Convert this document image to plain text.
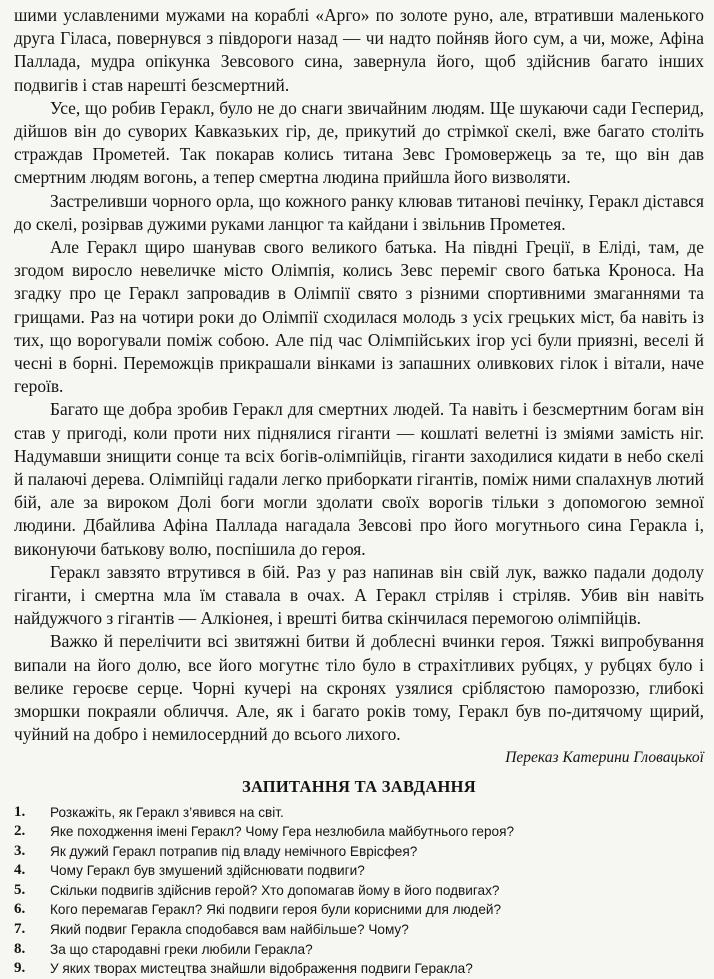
шими уславленими мужами на кораблі «Арго» по золоте руно, але, втративши маленького друга Гіласа, повернувся з півдороги назад — чи надто пойняв його сум, а чи, може, Афіна Паллада, мудра опікунка Зевсового сина, завернула його, щоб здійснив багато інших подвигів і став нарешті безсмертний.

Усе, що робив Геракл, було не до снаги звичайним людям. Ще шукаючи сади Гесперид, дійшов він до суворих Кавказьких гір, де, прикутий до стрімкої скелі, вже багато століть страждав Прометей. Так покарав колись титана Зевс Громовержець за те, що він дав смертним людям вогонь, а тепер смертна людина прийшла його визволяти.

Застреливши чорного орла, що кожного ранку клював титанові печінку, Геракл дістався до скелі, розірвав дужими руками ланцюг та кайдани і звільнив Прометея.

Але Геракл щиро шанував свого великого батька. На півдні Греції, в Еліді, там, де згодом виросло невеличке місто Олімпія, колись Зевс переміг свого батька Кроноса. На згадку про це Геракл запровадив в Олімпії свято з різними спортивними змаганнями та грищами. Раз на чотири роки до Олімпії сходилася молодь з усіх грецьких міст, ба навіть із тих, що ворогували поміж собою. Але під час Олімпійських ігор усі були приязні, веселі й чесні в борні. Переможців прикрашали вінками із запашних оливкових гілок і вітали, наче героїв.

Багато ще добра зробив Геракл для смертних людей. Та навіть і безсмертним богам він став у пригоді, коли проти них піднялися гіганти — кошлаті велетні із зміями замість ніг. Надумавши знищити сонце та всіх богів-олімпійців, гіганти заходилися кидати в небо скелі й палаючі дерева. Олімпійці гадали легко приборкати гігантів, поміж ними спалахнув лютий бій, але за вироком Долі боги могли здолати своїх ворогів тільки з допомогою земної людини. Дбайлива Афіна Паллада нагадала Зевсові про його могутнього сина Геракла і, виконуючи батькову волю, поспішила до героя.

Геракл завзято втрутився в бій. Раз у раз напинав він свій лук, важко падали додолу гіганти, і смертна мла їм ставала в очах. А Геракл стріляв і стріляв. Убив він навіть найдужчого з гігантів — Алкіонея, і врешті битва скінчилася перемогою олімпійців.

Важко й перелічити всі звитяжні битви й доблесні вчинки героя. Тяжкі випробування випали на його долю, все його могутнє тіло було в страхітливих рубцях, у рубцях було і велике героєве серце. Чорні кучері на скронях узялися сріблястою памороззю, глибокі зморшки покраяли обличчя. Але, як і багато років тому, Геракл був по-дитячому щирий, чуйний на добро і немилосердний до всього лихого.

Переказ Катерини Гловацької
ЗАПИТАННЯ ТА ЗАВДАННЯ
1.	Розкажіть, як Геракл з’явився на світ.
2.	Яке походження імені Геракл? Чому Гера незлюбила майбутнього героя?
3.	Як дужий Геракл потрапив під владу немічного Еврісфея?
4.	Чому Геракл був змушений здійснювати подвиги?
5.	Скільки подвигів здійснив герой? Хто допомагав йому в його подвигах?
6.	Кого перемагав Геракл? Які подвиги героя були корисними для людей?
7.	Який подвиг Геракла сподобався вам найбільше? Чому?
8.	За що стародавні греки любили Геракла?
9.	У яких творах мистецтва знайшли відображення подвиги Геракла?
